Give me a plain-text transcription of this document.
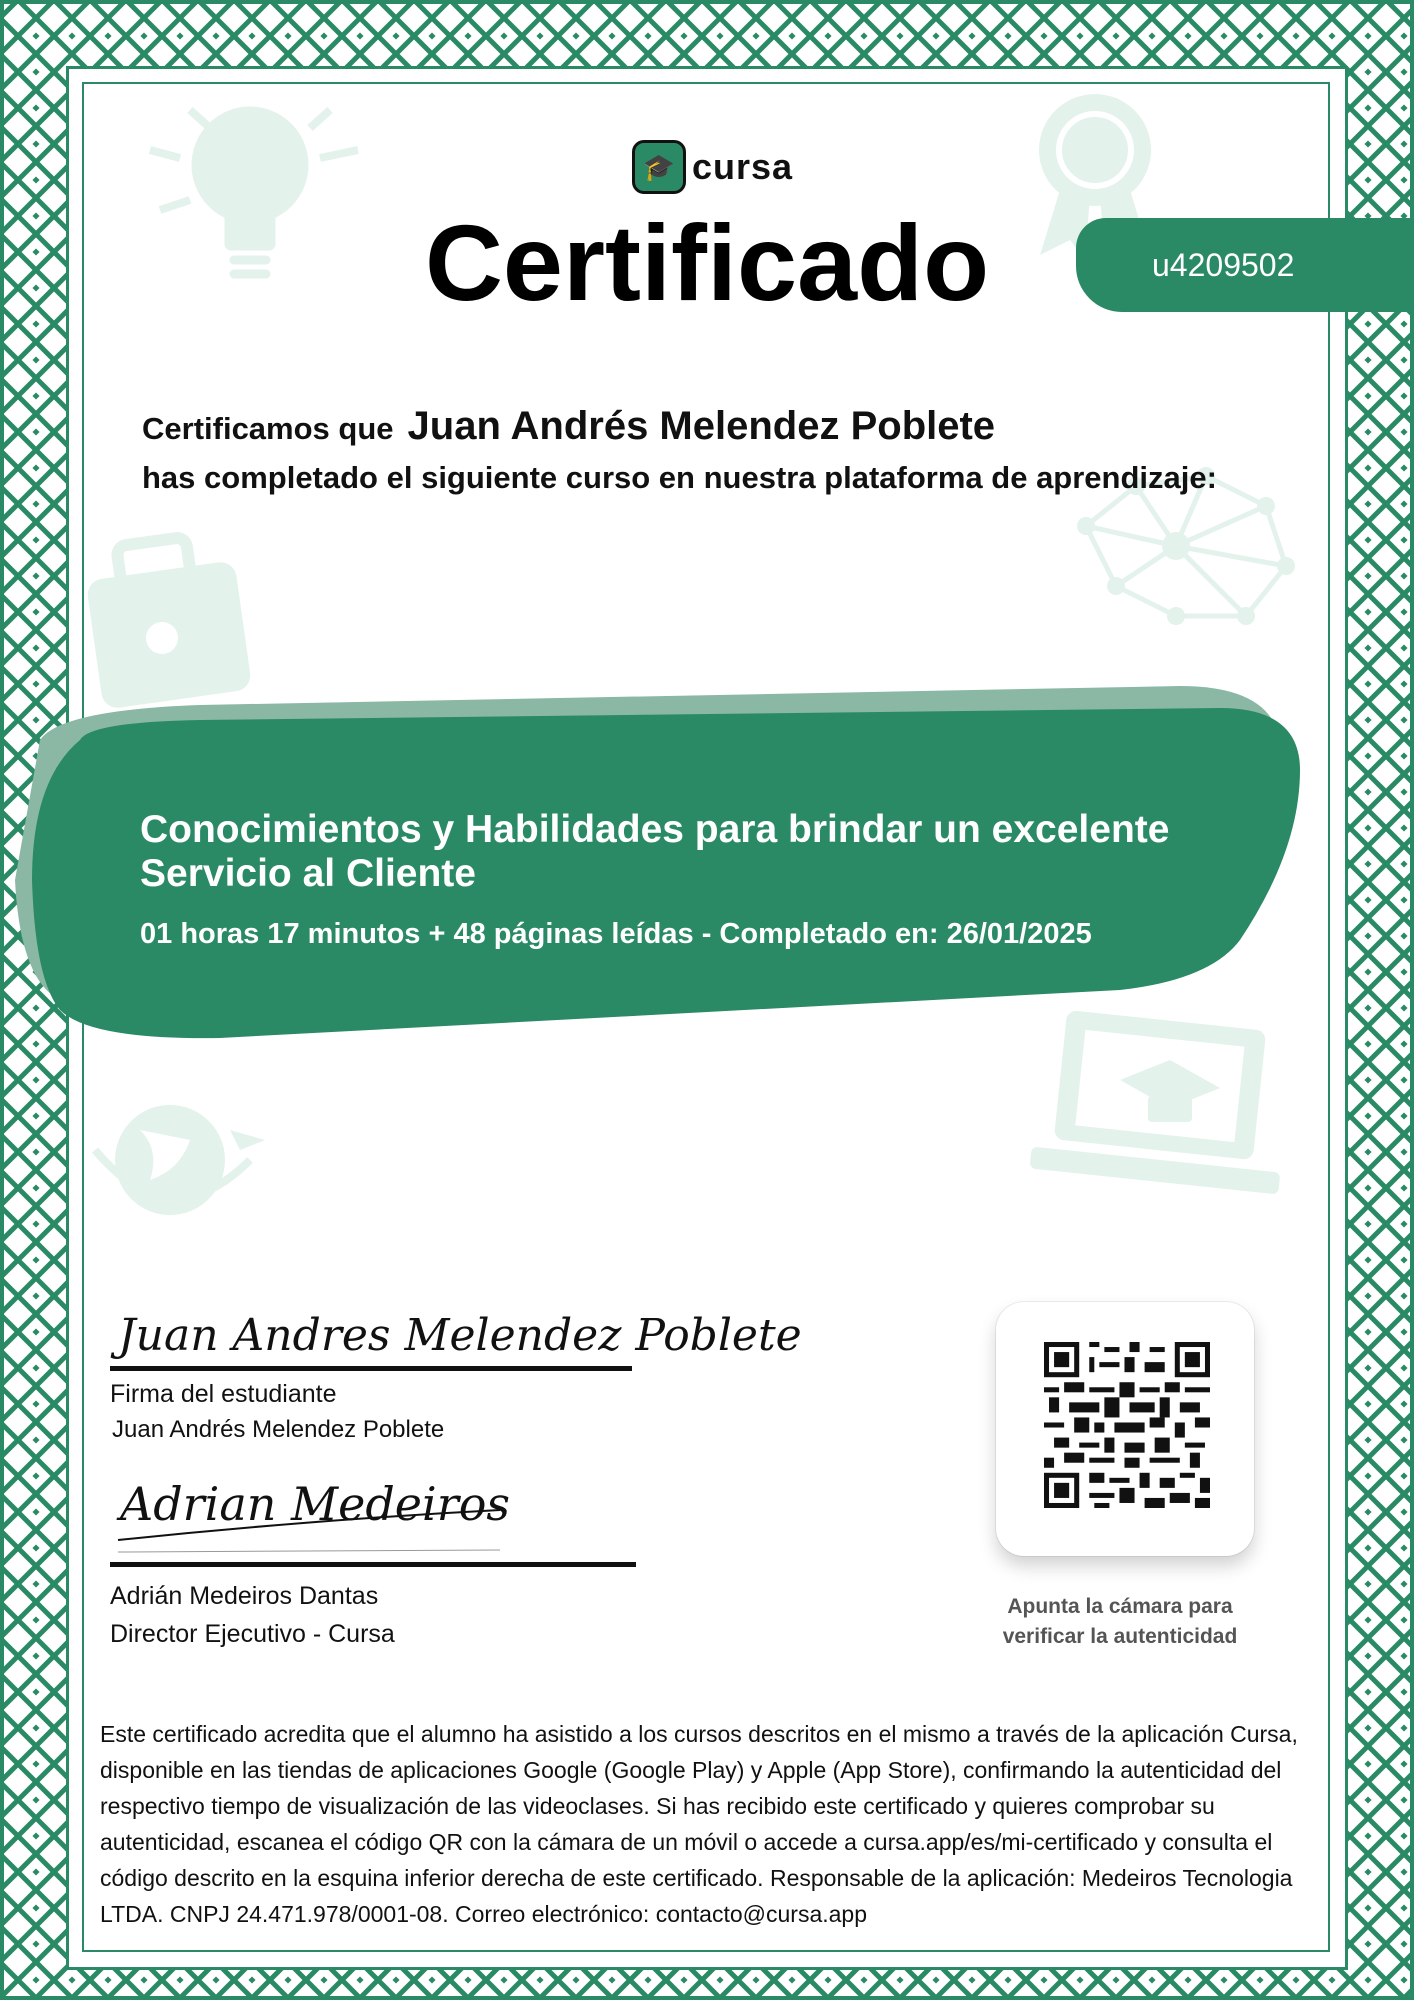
🎓 cursa
Certificado	u4209502
Certificamos que Juan Andrés Melendez Poblete
has completado el siguiente curso en nuestra plataforma de aprendizaje:
Conocimientos y Habilidades para brindar un excelente Servicio al Cliente
01 horas 17 minutos + 48 páginas leídas - Completado en: 26/01/2025
Juan Andres Melendez Poblete
Firma del estudiante
Juan Andrés Melendez Poblete
Adrian Medeiros
Adrián Medeiros Dantas
Director Ejecutivo - Cursa
Apunta la cámara para
verificar la autenticidad
Este certificado acredita que el alumno ha asistido a los cursos descritos en el mismo a través de la aplicación Cursa, disponible en las tiendas de aplicaciones Google (Google Play) y Apple (App Store), confirmando la autenticidad del respectivo tiempo de visualización de las videoclases. Si has recibido este certificado y quieres comprobar su autenticidad, escanea el código QR con la cámara de un móvil o accede a cursa.app/es/mi-certificado y consulta el código descrito en la esquina inferior derecha de este certificado. Responsable de la aplicación: Medeiros Tecnologia LTDA. CNPJ 24.471.978/0001-08. Correo electrónico: contacto@cursa.app
